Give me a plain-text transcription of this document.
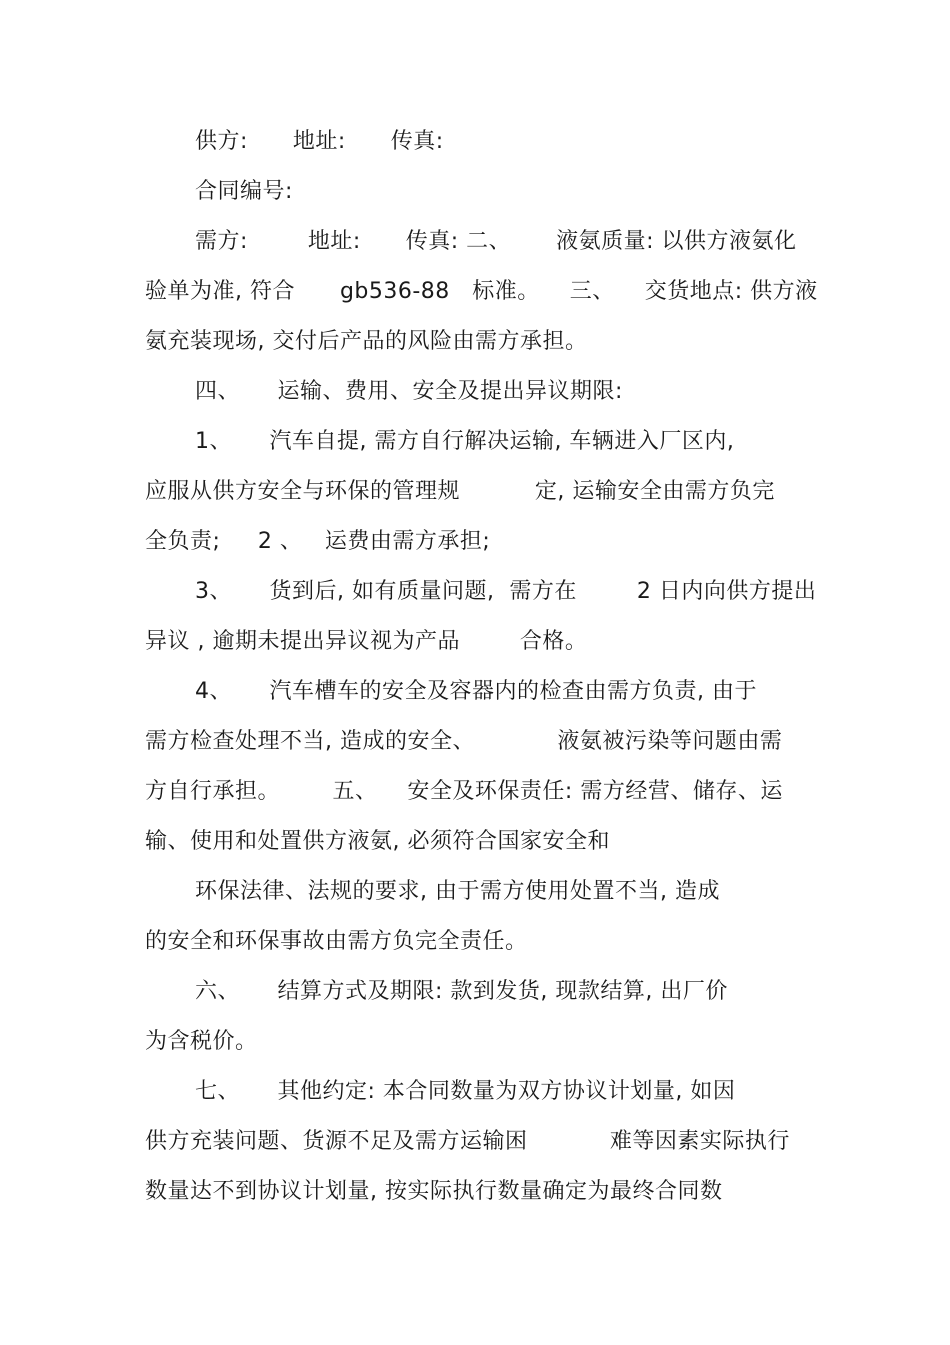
供方:      地址:      传真:
合同编号:
需方:        地址:      传真: 二、      液氨质量: 以供方液氨化
验单为准, 符合      gb536-88   标准。    三、    交货地点: 供方液
氨充装现场, 交付后产品的风险由需方承担。
四、     运输、费用、安全及提出异议期限:
1、     汽车自提, 需方自行解决运输, 车辆进入厂区内,
应服从供方安全与环保的管理规          定, 运输安全由需方负完
全负责;     2 、   运费由需方承担;
3、     货到后, 如有质量问题,  需方在        2 日内向供方提出
异议 , 逾期未提出异议视为产品        合格。
4、     汽车槽车的安全及容器内的检查由需方负责, 由于
需方检查处理不当, 造成的安全、           液氨被污染等问题由需
方自行承担。       五、    安全及环保责任: 需方经营、储存、运
输、使用和处置供方液氨, 必须符合国家安全和
环保法律、法规的要求, 由于需方使用处置不当, 造成
的安全和环保事故由需方负完全责任。
六、     结算方式及期限: 款到发货, 现款结算, 出厂价
为含税价。
七、     其他约定: 本合同数量为双方协议计划量, 如因
供方充装问题、货源不足及需方运输困           难等因素实际执行
数量达不到协议计划量, 按实际执行数量确定为最终合同数
